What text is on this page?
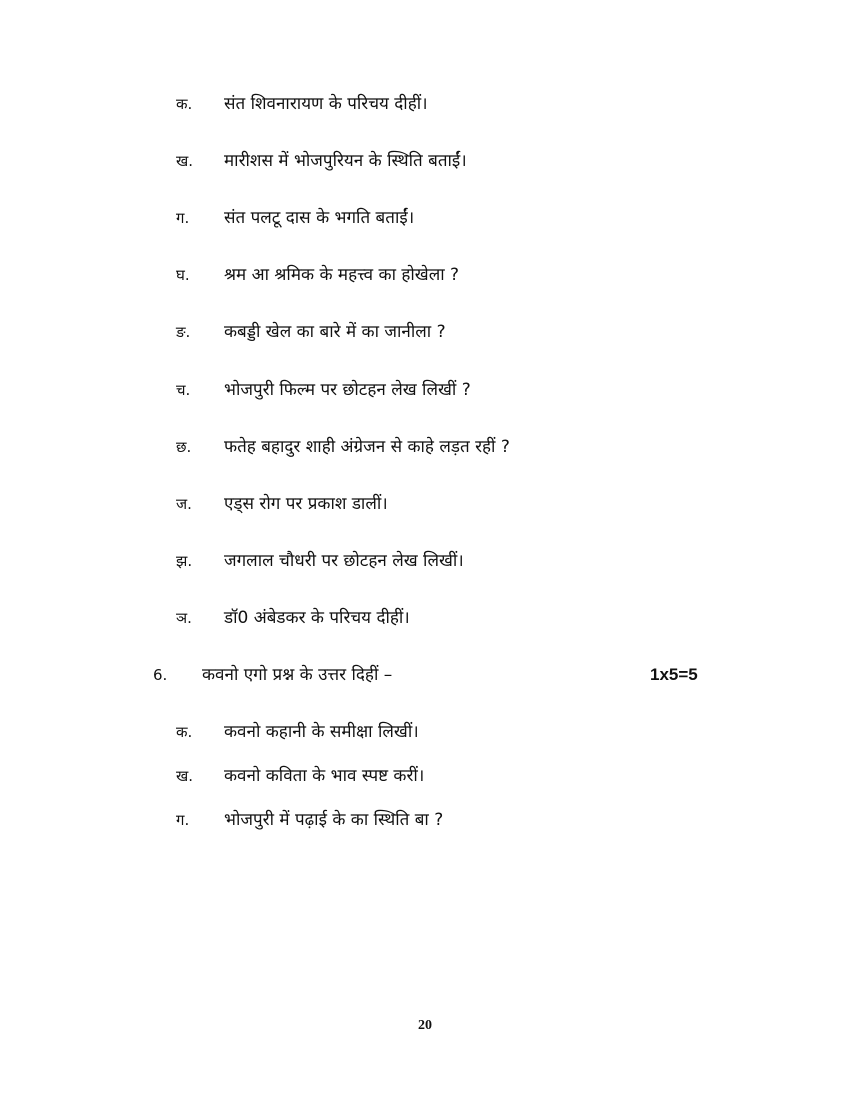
क. संत शिवनारायण के परिचय दीहीं।
ख. मारीशस में भोजपुरियन के स्थिति बताईं।
ग. संत पलटू दास के भगति बताईं।
घ. श्रम आ श्रमिक के महत्त्व का होखेला ?
ङ. कबड्डी खेल का बारे में का जानीला ?
च. भोजपुरी फिल्म पर छोटहन लेख लिखीं ?
छ. फतेह बहादुर शाही अंग्रेजन से काहे लड़त रहीं ?
ज. एड्स रोग पर प्रकाश डालीं।
झ. जगलाल चौधरी पर छोटहन लेख लिखीं।
ञ. डॉ0 अंबेडकर के परिचय दीहीं।
6. कवनो एगो प्रश्न के उत्तर दिहीं –	1x5=5
क. कवनो कहानी के समीक्षा लिखीं।
ख. कवनो कविता के भाव स्पष्ट करीं।
ग. भोजपुरी में पढ़ाई के का स्थिति बा ?
20
